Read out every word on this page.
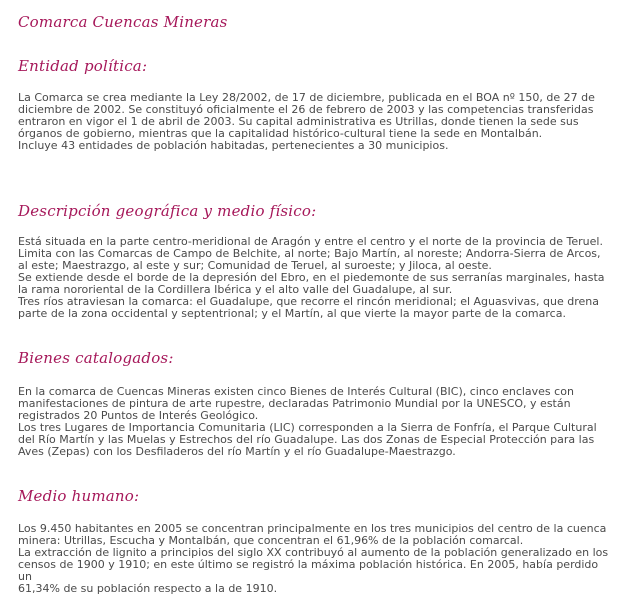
Comarca Cuencas Mineras
Entidad política:

La Comarca se crea mediante la Ley 28/2002, de 17 de diciembre, publicada en el BOA nº 150, de 27 de
diciembre de 2002. Se constituyó oficialmente el 26 de febrero de 2003 y las competencias transferidas
entraron en vigor el 1 de abril de 2003. Su capital administrativa es Utrillas, donde tienen la sede sus
órganos de gobierno, mientras que la capitalidad histórico-cultural tiene la sede en Montalbán.
Incluye 43 entidades de población habitadas, pertenecientes a 30 municipios.

Descripción geográfica y medio físico:

Está situada en la parte centro-meridional de Aragón y entre el centro y el norte de la provincia de Teruel.
Limita con las Comarcas de Campo de Belchite, al norte; Bajo Martín, al noreste; Andorra-Sierra de Arcos,
al este; Maestrazgo, al este y sur; Comunidad de Teruel, al suroeste; y Jiloca, al oeste.
Se extiende desde el borde de la depresión del Ebro, en el piedemonte de sus serranías marginales, hasta
la rama nororiental de la Cordillera Ibérica y el alto valle del Guadalupe, al sur.
Tres ríos atraviesan la comarca: el Guadalupe, que recorre el rincón meridional; el Aguasvivas, que drena
parte de la zona occidental y septentrional; y el Martín, al que vierte la mayor parte de la comarca.

Bienes catalogados:

En la comarca de Cuencas Mineras existen cinco Bienes de Interés Cultural (BIC), cinco enclaves con
manifestaciones de pintura de arte rupestre, declaradas Patrimonio Mundial por la UNESCO, y están
registrados 20 Puntos de Interés Geológico.
Los tres Lugares de Importancia Comunitaria (LIC) corresponden a la Sierra de Fonfría, el Parque Cultural
del Río Martín y las Muelas y Estrechos del río Guadalupe. Las dos Zonas de Especial Protección para las
Aves (Zepas) con los Desfiladeros del río Martín y el río Guadalupe-Maestrazgo.

Medio humano:

Los 9.450 habitantes en 2005 se concentran principalmente en los tres municipios del centro de la cuenca
minera: Utrillas, Escucha y Montalbán, que concentran el 61,96% de la población comarcal.
La extracción de lignito a principios del siglo XX contribuyó al aumento de la población generalizado en los
censos de 1900 y 1910; en este último se registró la máxima población histórica. En 2005, había perdido un
61,34% de su población respecto a la de 1910.
